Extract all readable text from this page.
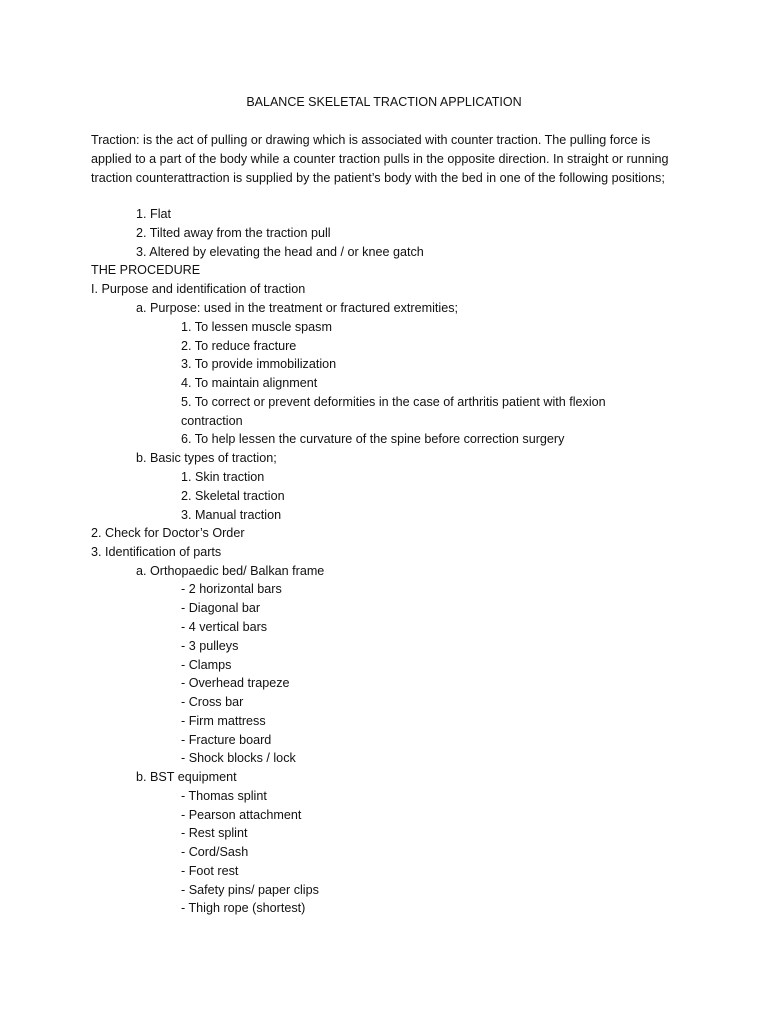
BALANCE SKELETAL TRACTION APPLICATION
Traction: is the act of pulling or drawing which is associated with counter traction. The pulling force is applied to a part of the body while a counter traction pulls in the opposite direction. In straight or running traction counterattraction is supplied by the patient’s body with the bed in one of the following positions;
1. Flat
2. Tilted away from the traction pull
3. Altered by elevating the head and / or knee gatch
THE PROCEDURE
I. Purpose and identification of traction
a. Purpose: used in the treatment or fractured extremities;
1. To lessen muscle spasm
2. To reduce fracture
3. To provide immobilization
4. To maintain alignment
5. To correct or prevent deformities in the case of arthritis patient with flexion
contraction
6. To help lessen the curvature of the spine before correction surgery
b. Basic types of traction;
1. Skin traction
2. Skeletal traction
3. Manual traction
2. Check for Doctor’s Order
3. Identification of parts
a. Orthopaedic bed/ Balkan frame
- 2 horizontal bars
- Diagonal bar
- 4 vertical bars
- 3 pulleys
- Clamps
- Overhead trapeze
- Cross bar
- Firm mattress
- Fracture board
- Shock blocks / lock
b. BST equipment
- Thomas splint
- Pearson attachment
- Rest splint
- Cord/Sash
- Foot rest
- Safety pins/ paper clips
- Thigh rope (shortest)
